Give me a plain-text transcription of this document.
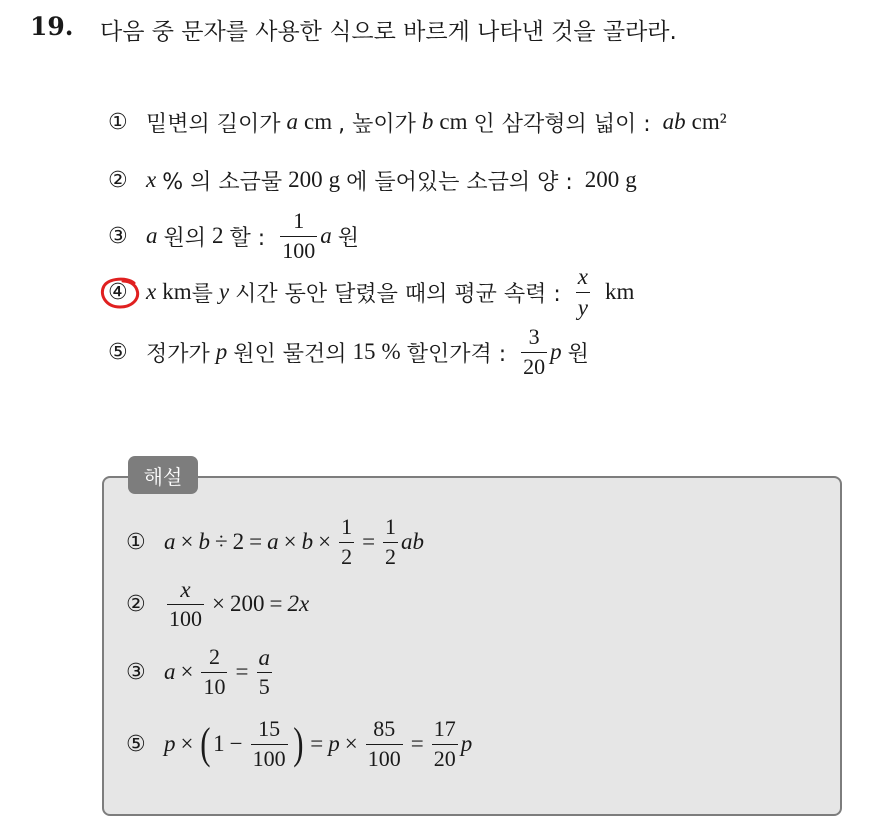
19. 다음 중 문자를 사용한 식으로 바르게 나타낸 것을 골라라.
① 밑변의 길이가 a cm , 높이가 b cm 인 삼각형의 넓이 : ab cm²
② x % 의 소금물 200 g 에 들어있는 소금의 양 : 200 g
③ a 원의 2 할 : $\frac{1}{100}$ a 원
④ x km 를 y 시간 동안 달렸을 때의 평균 속력 : $\frac{x}{y}$ km
⑤ 정가가 p 원인 물건의 15 % 할인가격 : $\frac{3}{20}$ p 원
해설
① $a \times b \div 2 = a \times b \times \frac{1}{2} = \frac{1}{2}$ ab
② $\frac{x}{100} \times 200 = 2x$
③ $a \times \frac{2}{10} = \frac{a}{5}$
⑤ p × ( $1 - \frac{15}{100}$ ) = $p \times \frac{85}{100} = \frac{17}{20}$ p
